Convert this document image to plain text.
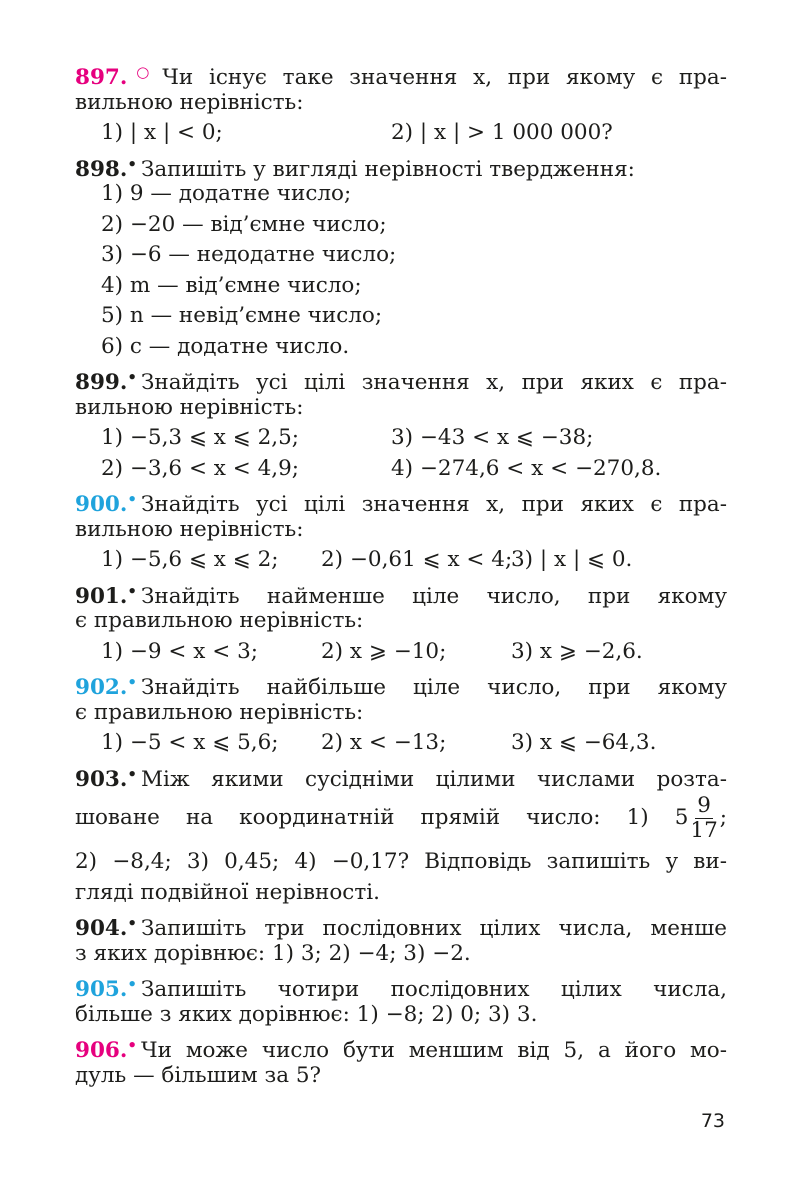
897.○ Чи існує таке значення x, при якому є пра-
вильною нерівність:
1) | x | < 0;	2) | x | > 1 000 000?
898.• Запишіть у вигляді нерівності твердження:
1) 9 — додатне число;
2) −20 — від’ємне число;
3) −6 — недодатне число;
4) m — від’ємне число;
5) n — невід’ємне число;
6) c — додатне число.
899.• Знайдіть усі цілі значення x, при яких є пра-
вильною нерівність:
1) −5,3 ⩽ x ⩽ 2,5;	3) −43 < x ⩽ −38;
2) −3,6 < x < 4,9;	4) −274,6 < x < −270,8.
900.• Знайдіть усі цілі значення x, при яких є пра-
вильною нерівність:
1) −5,6 ⩽ x ⩽ 2;	2) −0,61 ⩽ x < 4;
3) | x | ⩽ 0.
901.• Знайдіть найменше ціле число, при якому
є правильною нерівність:
1) −9 < x < 3;	2) x ⩾ −10;	3) x ⩾ −2,6.
902.• Знайдіть найбільше ціле число, при якому
є правильною нерівність:
1) −5 < x ⩽ 5,6;	2) x < −13;	3) x ⩽ −64,3.
903.• Між якими сусідніми цілими числами розта-
шоване на координатній прямій число: 1) $5 \frac{9}{17}$ ;
2) −8,4; 3) 0,45; 4) −0,17? Відповідь запишіть у ви-
гляді подвійної нерівності.
904.• Запишіть три послідовних цілих числа, менше
з яких дорівнює: 1) 3; 2) −4; 3) −2.
905.• Запишіть чотири послідовних цілих числа,
більше з яких дорівнює: 1) −8; 2) 0; 3) 3.
906.• Чи може число бути меншим від 5, а його мо-
дуль — більшим за 5?
73
